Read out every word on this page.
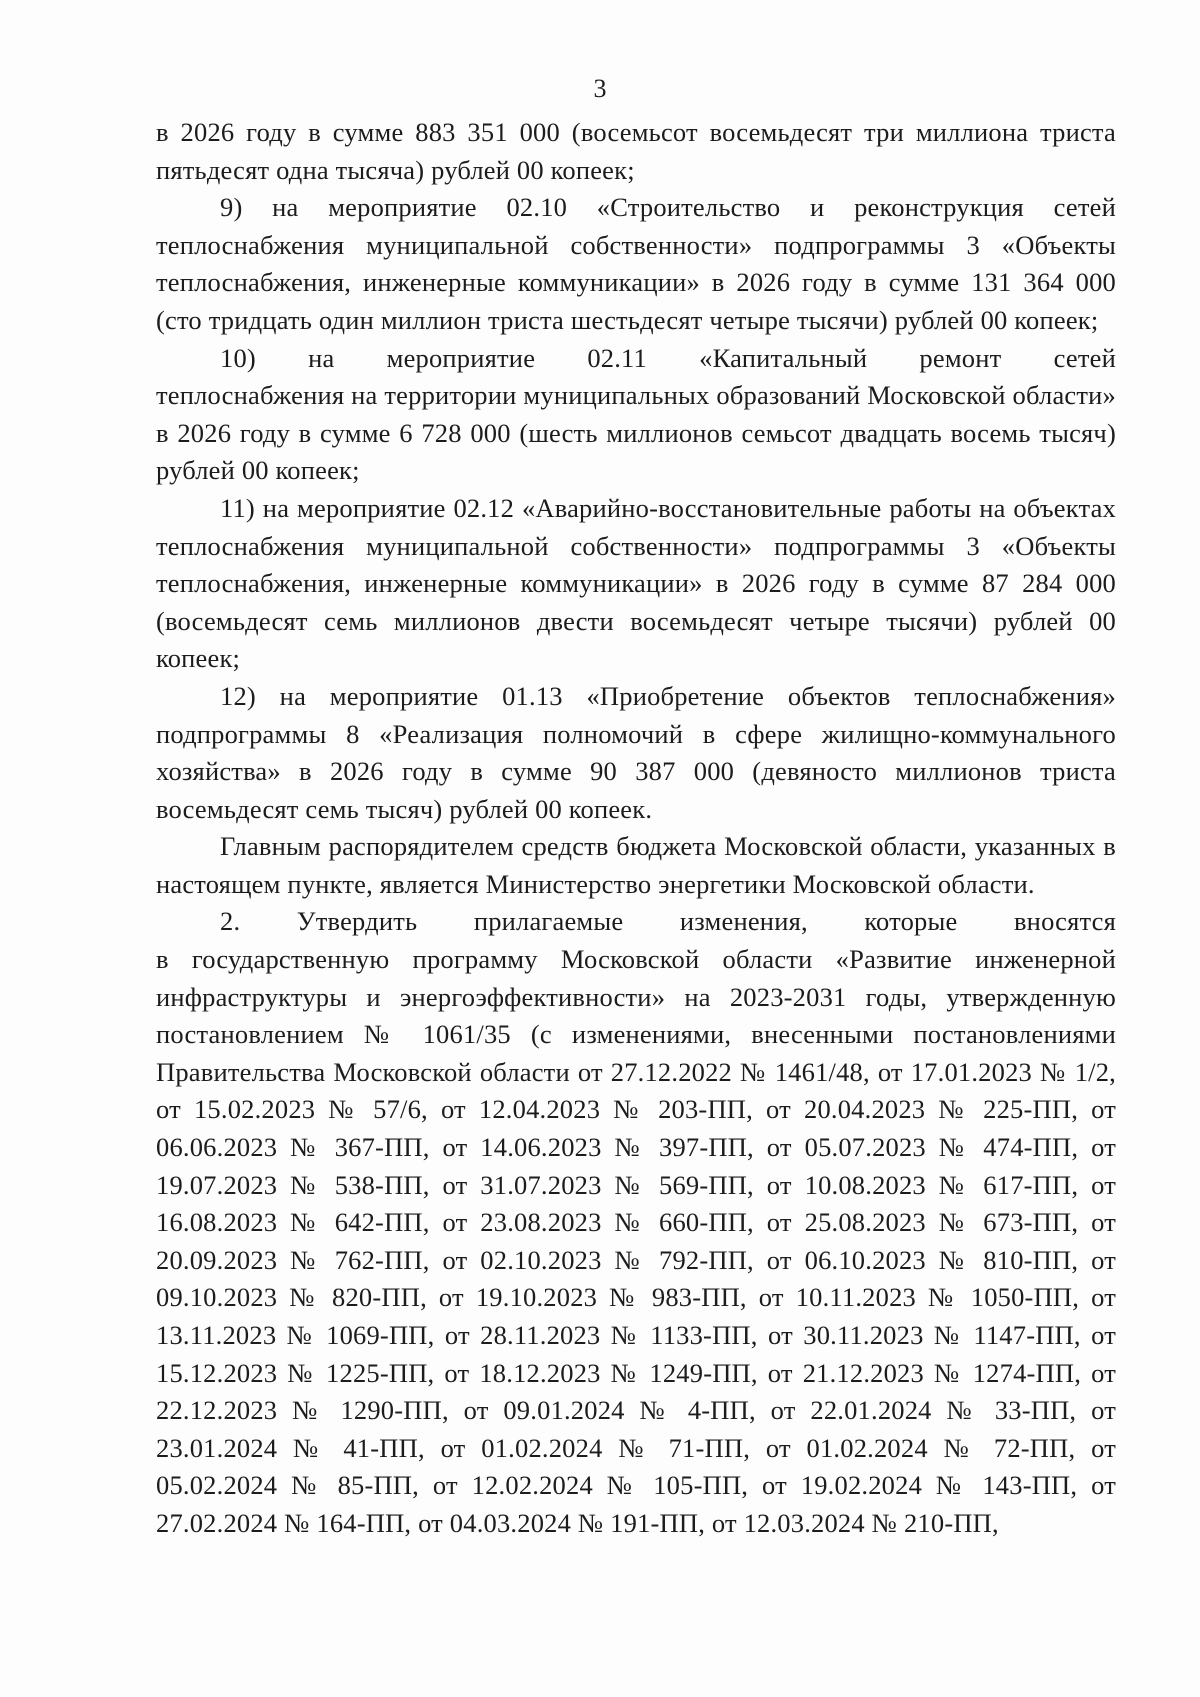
3

в 2026 году в сумме 883 351 000 (восемьсот восемьдесят три миллиона триста пятьдесят одна тысяча) рублей 00 копеек;

9) на мероприятие 02.10 «Строительство и реконструкция сетей теплоснабжения муниципальной собственности» подпрограммы 3 «Объекты теплоснабжения, инженерные коммуникации» в 2026 году в сумме 131 364 000 (сто тридцать один миллион триста шестьдесят четыре тысячи) рублей 00 копеек;

10) на мероприятие 02.11 «Капитальный ремонт сетей

теплоснабжения на территории муниципальных образований Московской области» в 2026 году в сумме 6 728 000 (шесть миллионов семьсот двадцать восемь тысяч) рублей 00 копеек;

11) на мероприятие 02.12 «Аварийно-восстановительные работы на объектах теплоснабжения муниципальной собственности» подпрограммы 3 «Объекты теплоснабжения, инженерные коммуникации» в 2026 году в сумме 87 284 000 (восемьдесят семь миллионов двести восемьдесят четыре тысячи) рублей 00 копеек;

12) на мероприятие 01.13 «Приобретение объектов теплоснабжения» подпрограммы 8 «Реализация полномочий в сфере жилищно-коммунального хозяйства» в 2026 году в сумме 90 387 000 (девяносто миллионов триста восемьдесят семь тысяч) рублей 00 копеек.

Главным распорядителем средств бюджета Московской области, указанных в настоящем пункте, является Министерство энергетики Московской области.

2. Утвердить прилагаемые изменения, которые вносятся

в государственную программу Московской области «Развитие инженерной инфраструктуры и энергоэффективности» на 2023-2031 годы, утвержденную постановлением № 1061/35 (с изменениями, внесенными постановлениями Правительства Московской области от 27.12.2022 № 1461/48, от 17.01.2023 № 1/2, от 15.02.2023 № 57/6, от 12.04.2023 № 203-ПП, от 20.04.2023 № 225-ПП, от 06.06.2023 № 367-ПП, от 14.06.2023 № 397-ПП, от 05.07.2023 № 474-ПП, от 19.07.2023 № 538-ПП, от 31.07.2023 № 569-ПП, от 10.08.2023 № 617-ПП, от 16.08.2023 № 642-ПП, от 23.08.2023 № 660-ПП, от 25.08.2023 № 673-ПП, от 20.09.2023 № 762-ПП, от 02.10.2023 № 792-ПП, от 06.10.2023 № 810-ПП, от 09.10.2023 № 820-ПП, от 19.10.2023 № 983-ПП, от 10.11.2023 № 1050-ПП, от 13.11.2023 № 1069-ПП, от 28.11.2023 № 1133-ПП, от 30.11.2023 № 1147-ПП, от 15.12.2023 № 1225-ПП, от 18.12.2023 № 1249-ПП, от 21.12.2023 № 1274-ПП, от 22.12.2023 № 1290-ПП, от 09.01.2024 № 4-ПП, от 22.01.2024 № 33-ПП, от 23.01.2024 № 41-ПП, от 01.02.2024 № 71-ПП, от 01.02.2024 № 72-ПП, от 05.02.2024 № 85-ПП, от 12.02.2024 № 105-ПП, от 19.02.2024 № 143-ПП, от 27.02.2024 № 164-ПП, от 04.03.2024 № 191-ПП, от 12.03.2024 № 210-ПП,
